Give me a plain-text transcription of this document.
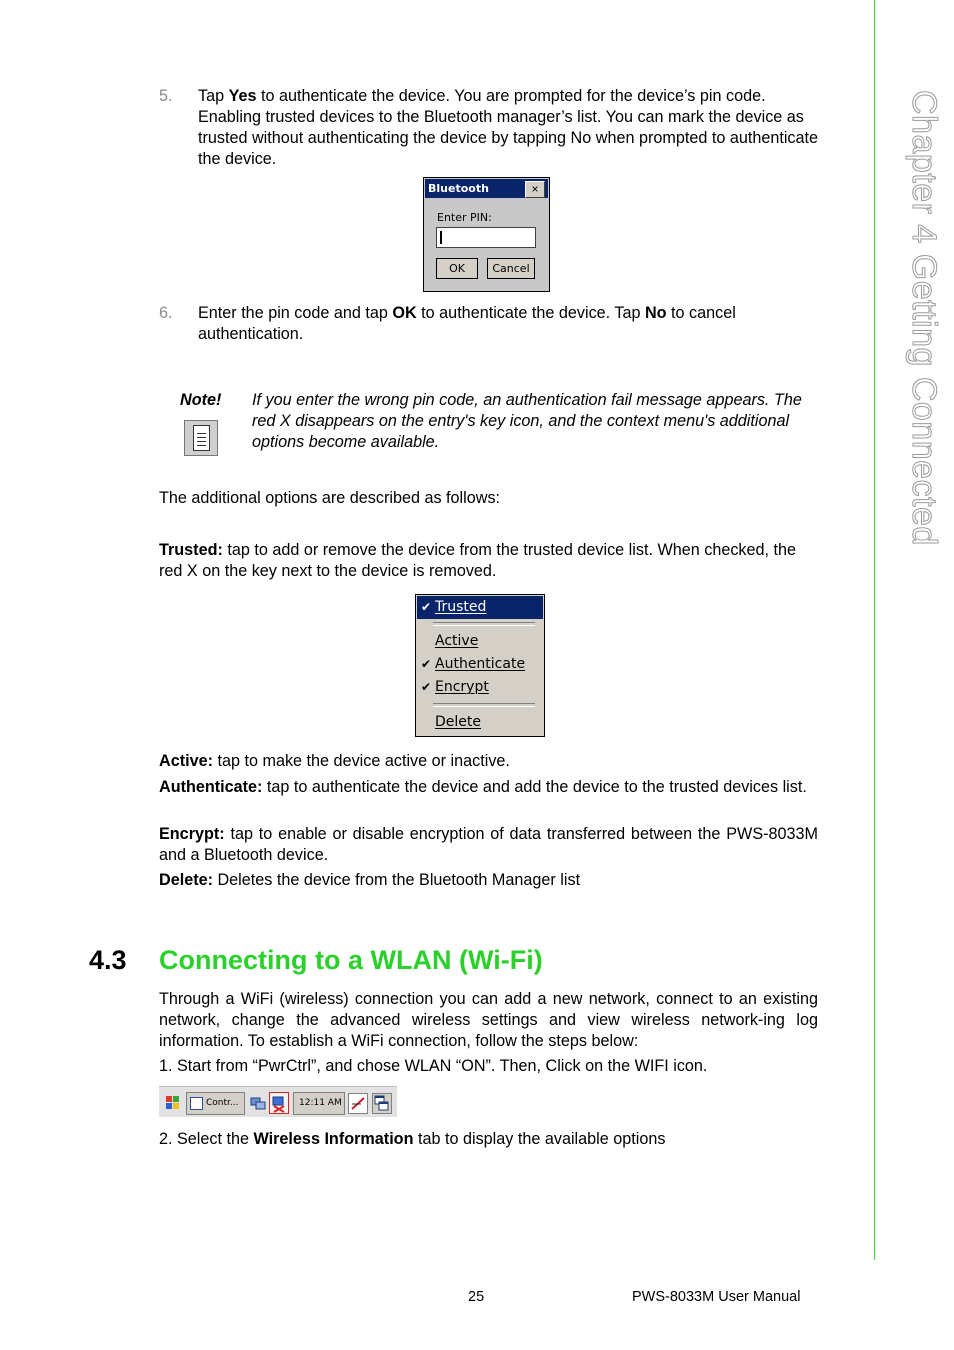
Chapter 4 Getting Connected
5. Tap Yes to authenticate the device. You are prompted for the device’s pin code. Enabling trusted devices to the Bluetooth manager’s list. You can mark the device as trusted without authenticating the device by tapping No when prompted to authenticate the device.
Bluetooth	×
Enter PIN:
OK	Cancel
6. Enter the pin code and tap OK to authenticate the device. Tap No to cancel authentication.
Note! If you enter the wrong pin code, an authentication fail message appears. The red X disappears on the entry's key icon, and the context menu's additional options become available.
The additional options are described as follows:
Trusted: tap to add or remove the device from the trusted device list. When checked, the red X on the key next to the device is removed.
✔ Trusted
Active
✔ Authenticate
✔ Encrypt
Delete
Active: tap to make the device active or inactive.
Authenticate: tap to authenticate the device and add the device to the trusted devices list.
Encrypt: tap to enable or disable encryption of data transferred between the PWS-8033M and a Bluetooth device.
Delete: Deletes the device from the Bluetooth Manager list
4.3 Connecting to a WLAN (Wi-Fi)
Through a WiFi (wireless) connection you can add a new network, connect to an existing network, change the advanced wireless settings and view wireless network-ing log information. To establish a WiFi connection, follow the steps below:
1. Start from “PwrCtrl”, and chose WLAN “ON”. Then, Click on the WIFI icon.
Contr...	12:11 AM
2. Select the Wireless Information tab to display the available options
25	PWS-8033M User Manual
